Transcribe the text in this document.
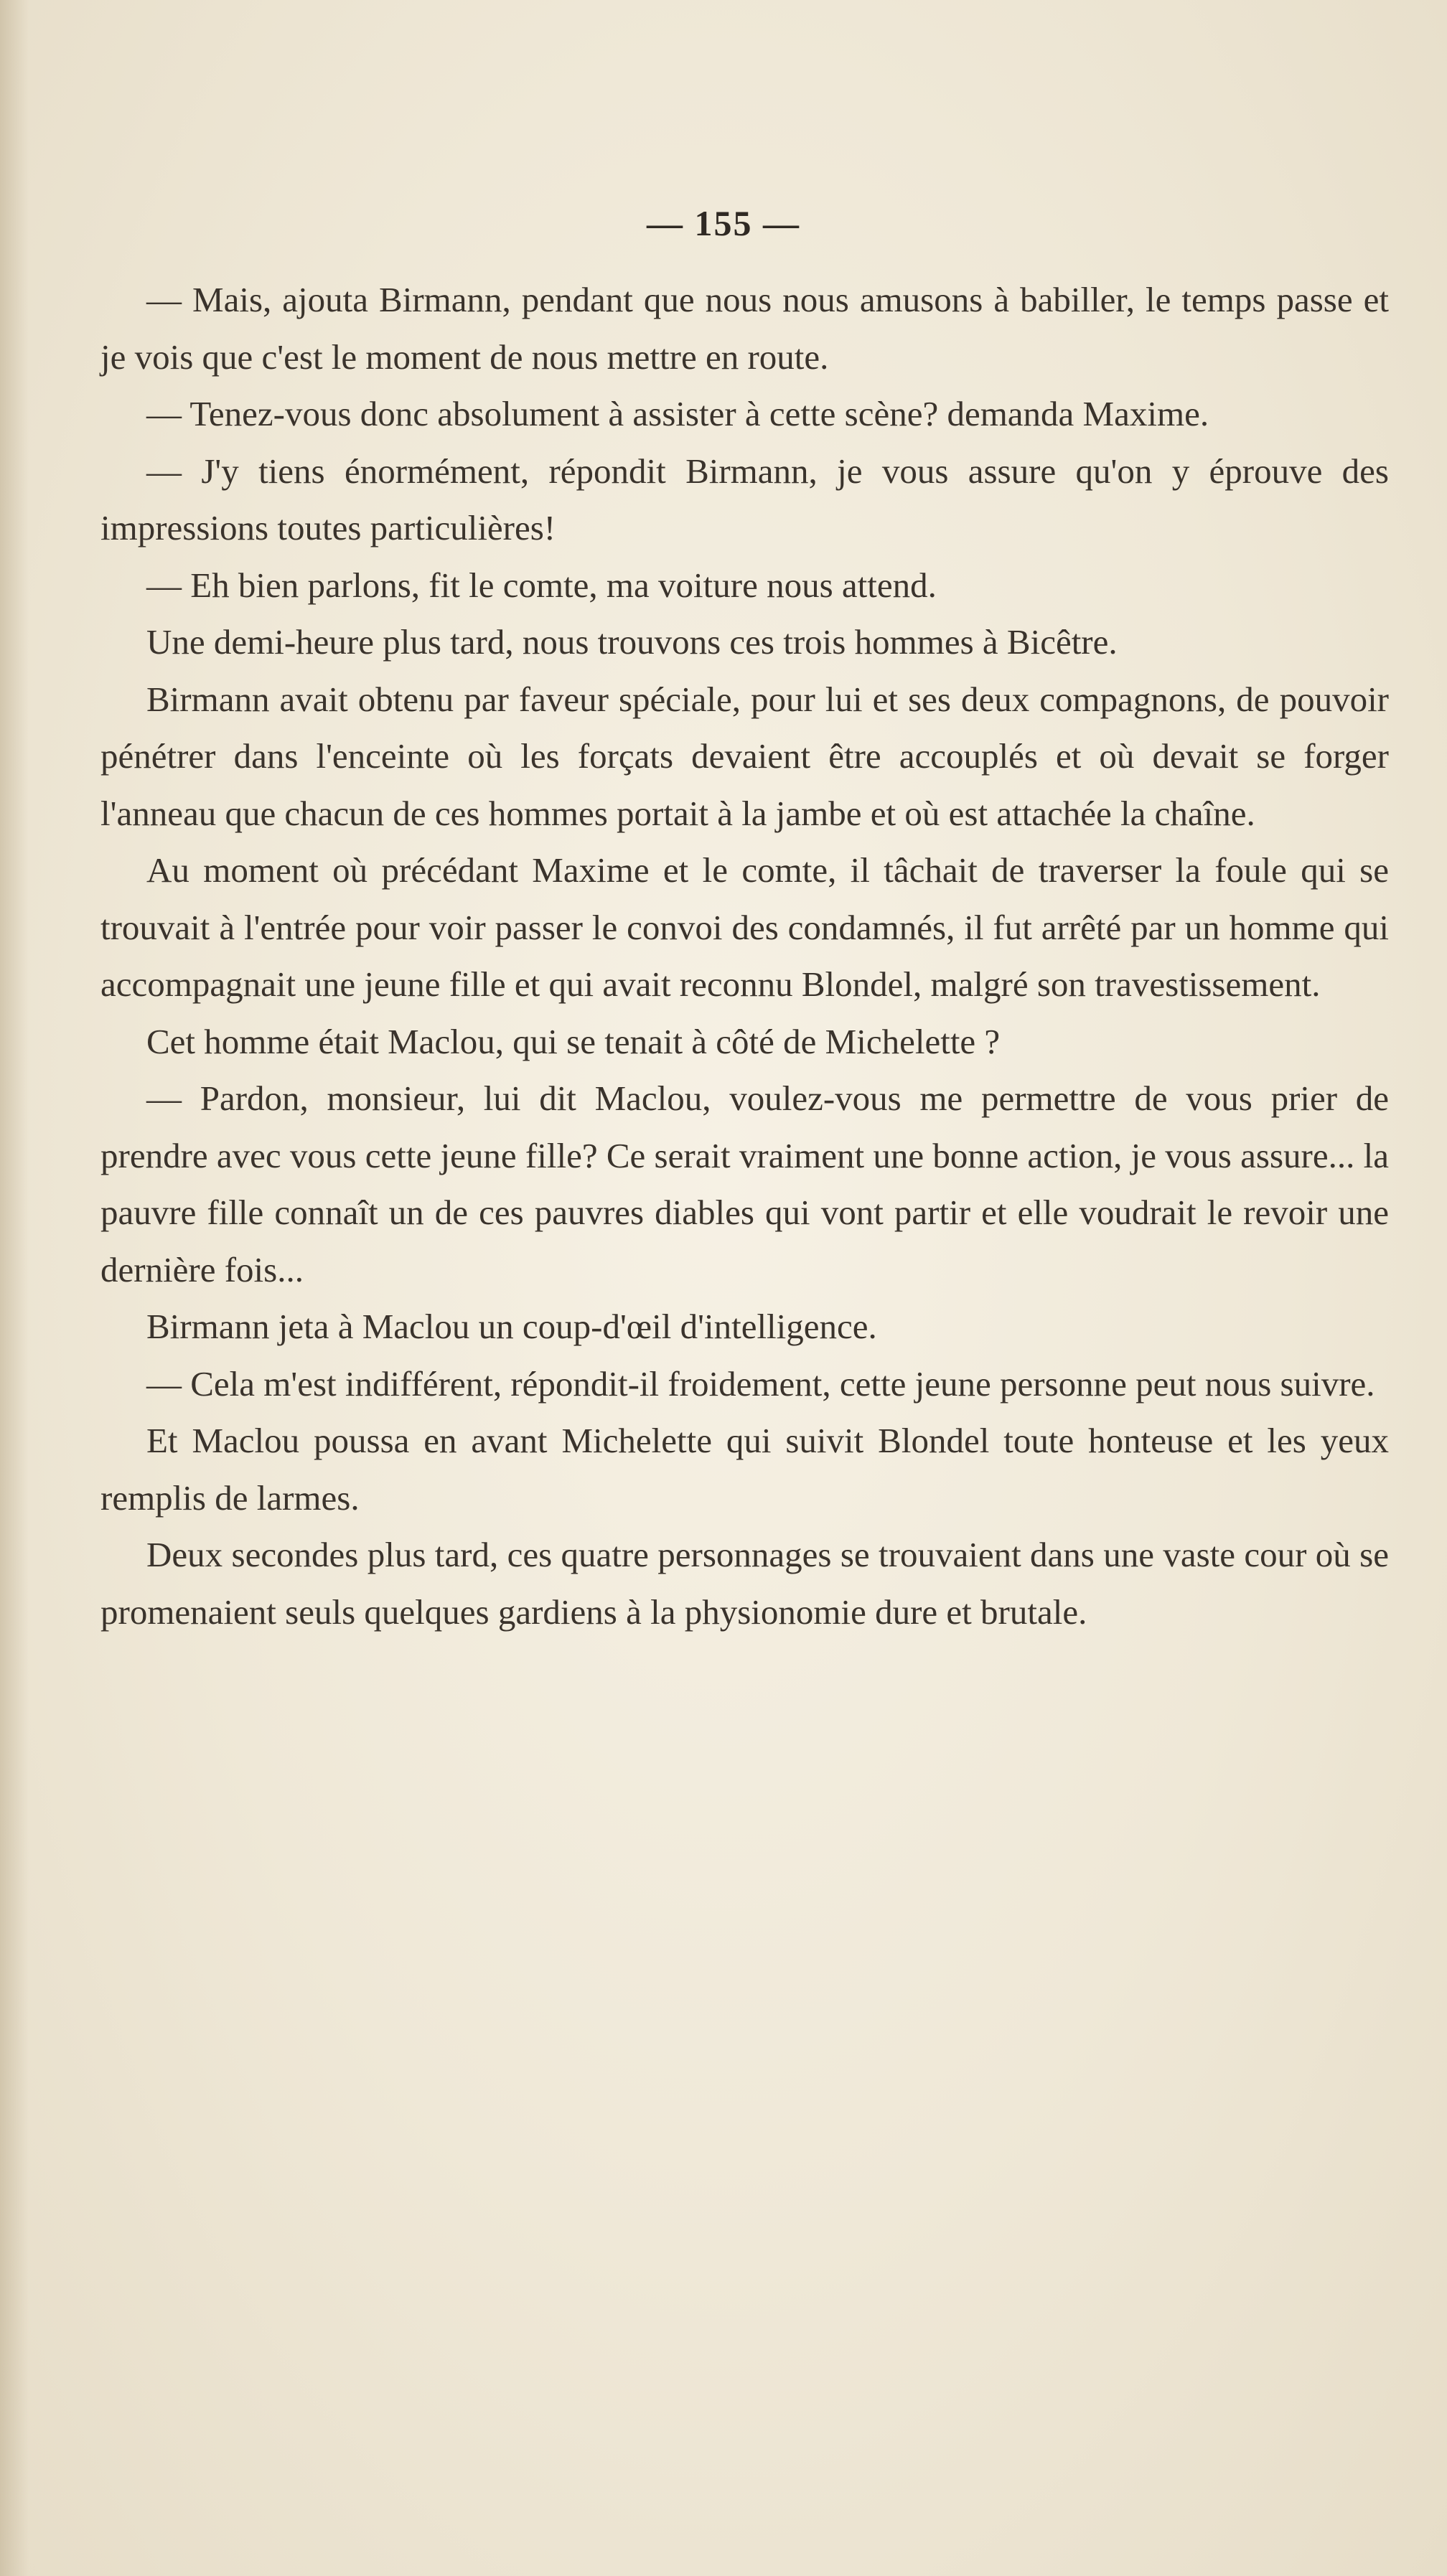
— 155 —

— Mais, ajouta Birmann, pendant que nous nous amusons à babiller, le temps passe et je vois que c'est le moment de nous mettre en route.

— Tenez-vous donc absolument à assister à cette scène? demanda Maxime.

— J'y tiens énormément, répondit Birmann, je vous assure qu'on y éprouve des impressions toutes particulières!

— Eh bien parlons, fit le comte, ma voiture nous attend.

Une demi-heure plus tard, nous trouvons ces trois hommes à Bicêtre.

Birmann avait obtenu par faveur spéciale, pour lui et ses deux compagnons, de pouvoir pénétrer dans l'enceinte où les forçats devaient être accouplés et où devait se forger l'anneau que chacun de ces hommes portait à la jambe et où est attachée la chaîne.

Au moment où précédant Maxime et le comte, il tâchait de traverser la foule qui se trouvait à l'entrée pour voir passer le convoi des condamnés, il fut arrêté par un homme qui accompagnait une jeune fille et qui avait reconnu Blondel, malgré son travestissement.

Cet homme était Maclou, qui se tenait à côté de Michelette ?

— Pardon, monsieur, lui dit Maclou, voulez-vous me permettre de vous prier de prendre avec vous cette jeune fille? Ce serait vraiment une bonne action, je vous assure... la pauvre fille connaît un de ces pauvres diables qui vont partir et elle voudrait le revoir une dernière fois...

Birmann jeta à Maclou un coup-d'œil d'intelligence.

— Cela m'est indifférent, répondit-il froidement, cette jeune personne peut nous suivre.

Et Maclou poussa en avant Michelette qui suivit Blondel toute honteuse et les yeux remplis de larmes.

Deux secondes plus tard, ces quatre personnages se trouvaient dans une vaste cour où se promenaient seuls quelques gardiens à la physionomie dure et brutale.
